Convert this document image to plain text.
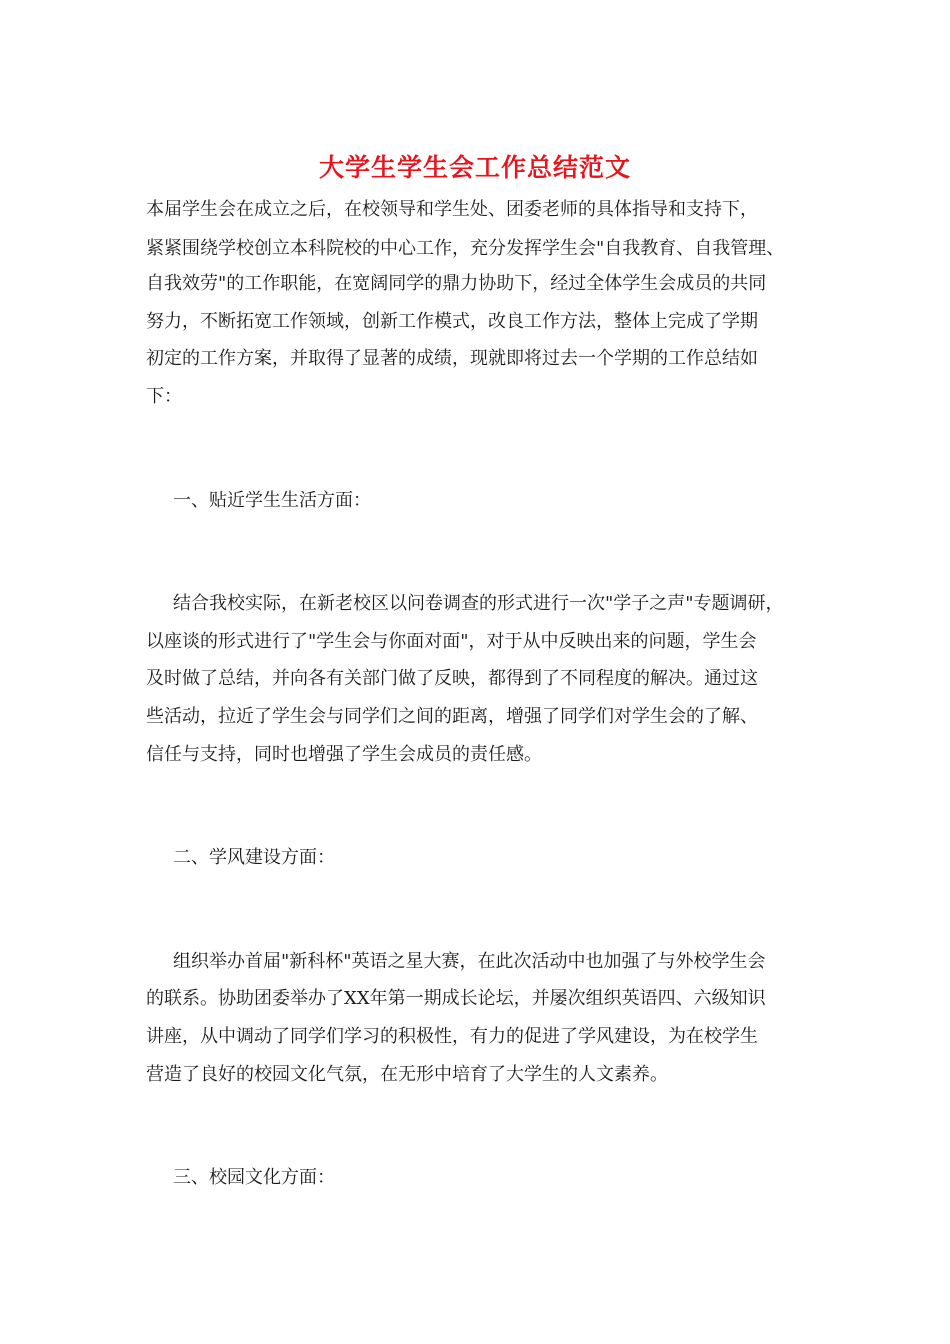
大学生学生会工作总结范文
本届学生会在成立之后，在校领导和学生处、团委老师的具体指导和支持下，
紧紧围绕学校创立本科院校的中心工作，充分发挥学生会"自我教育、自我管理、
自我效劳"的工作职能，在宽阔同学的鼎力协助下，经过全体学生会成员的共同
努力，不断拓宽工作领域，创新工作模式，改良工作方法，整体上完成了学期
初定的工作方案，并取得了显著的成绩，现就即将过去一个学期的工作总结如
下：
一、贴近学生生活方面：
结合我校实际，在新老校区以问卷调查的形式进行一次"学子之声"专题调研，
以座谈的形式进行了"学生会与你面对面"，对于从中反映出来的问题，学生会
及时做了总结，并向各有关部门做了反映，都得到了不同程度的解决。通过这
些活动，拉近了学生会与同学们之间的距离，增强了同学们对学生会的了解、
信任与支持，同时也增强了学生会成员的责任感。
二、学风建设方面：
组织举办首届"新科杯"英语之星大赛，在此次活动中也加强了与外校学生会
的联系。协助团委举办了XX年第一期成长论坛，并屡次组织英语四、六级知识
讲座，从中调动了同学们学习的积极性，有力的促进了学风建设，为在校学生
营造了良好的校园文化气氛，在无形中培育了大学生的人文素养。
三、校园文化方面：
